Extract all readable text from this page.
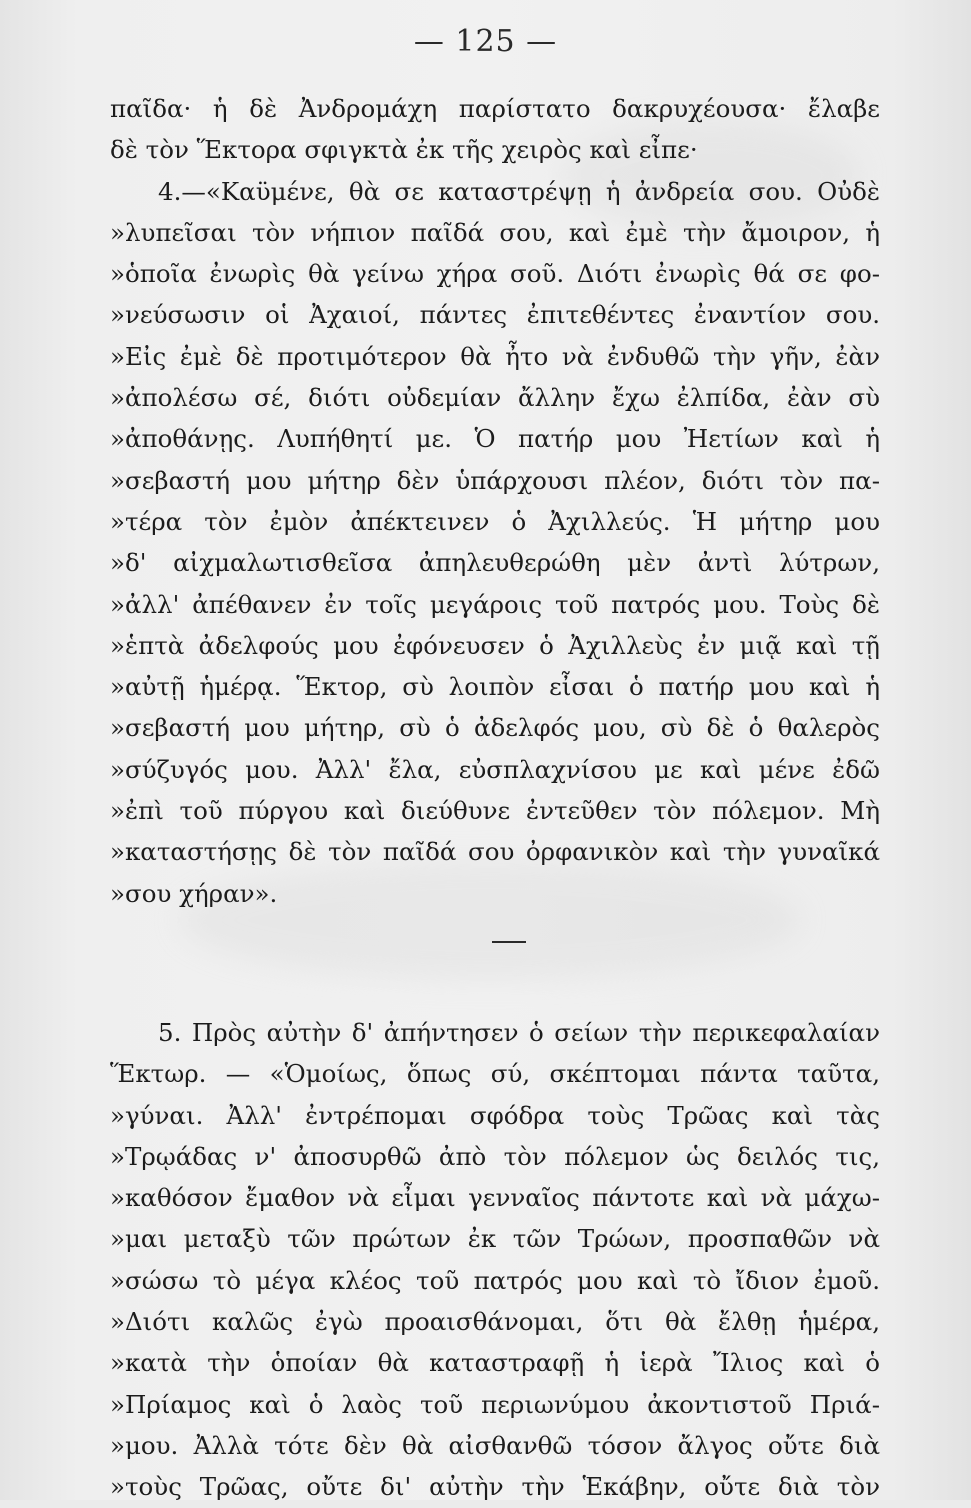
— 125 —
παῖδα· ἡ δὲ Ἀνδρομάχη παρίστατο δακρυχέουσα· ἔλαβε
δὲ τὸν Ἕκτορα σφιγκτὰ ἐκ τῆς χειρὸς καὶ εἶπε·
4.—«Καϋμένε, θὰ σε καταστρέψῃ ἡ ἀνδρεία σου. Οὐδὲ
»λυπεῖσαι τὸν νήπιον παῖδά σου, καὶ ἐμὲ τὴν ἄμοιρον, ἡ
»ὁποῖα ἐνωρὶς θὰ γείνω χήρα σοῦ. Διότι ἐνωρὶς θά σε φο-
»νεύσωσιν οἱ Ἀχαιοί, πάντες ἐπιτεθέντες ἐναντίον σου.
»Εἰς ἐμὲ δὲ προτιμότερον θὰ ἦτο νὰ ἐνδυθῶ τὴν γῆν, ἐὰν
»ἀπολέσω σέ, διότι οὐδεμίαν ἄλλην ἔχω ἐλπίδα, ἐὰν σὺ
»ἀποθάνῃς. Λυπήθητί με. Ὁ πατήρ μου Ἠετίων καὶ ἡ
»σεβαστή μου μήτηρ δὲν ὑπάρχουσι πλέον, διότι τὸν πα-
»τέρα τὸν ἐμὸν ἀπέκτεινεν ὁ Ἀχιλλεύς. Ἡ μήτηρ μου
»δ' αἰχμαλωτισθεῖσα ἀπηλευθερώθη μὲν ἀντὶ λύτρων,
»ἀλλ' ἀπέθανεν ἐν τοῖς μεγάροις τοῦ πατρός μου. Τοὺς δὲ
»ἑπτὰ ἀδελφούς μου ἐφόνευσεν ὁ Ἀχιλλεὺς ἐν μιᾷ καὶ τῇ
»αὐτῇ ἡμέρᾳ. Ἕκτορ, σὺ λοιπὸν εἶσαι ὁ πατήρ μου καὶ ἡ
»σεβαστή μου μήτηρ, σὺ ὁ ἀδελφός μου, σὺ δὲ ὁ θαλερὸς
»σύζυγός μου. Ἀλλ' ἔλα, εὐσπλαχνίσου με καὶ μένε ἐδῶ
»ἐπὶ τοῦ πύργου καὶ διεύθυνε ἐντεῦθεν τὸν πόλεμον. Μὴ
»καταστήσῃς δὲ τὸν παῖδά σου ὀρφανικὸν καὶ τὴν γυναῖκά
»σου χήραν».
5. Πρὸς αὐτὴν δ' ἀπήντησεν ὁ σείων τὴν περικεφαλαίαν
Ἕκτωρ. — «Ὁμοίως, ὅπως σύ, σκέπτομαι πάντα ταῦτα,
»γύναι. Ἀλλ' ἐντρέπομαι σφόδρα τοὺς Τρῶας καὶ τὰς
»Τρῳάδας ν' ἀποσυρθῶ ἀπὸ τὸν πόλεμον ὡς δειλός τις,
»καθόσον ἔμαθον νὰ εἶμαι γενναῖος πάντοτε καὶ νὰ μάχω-
»μαι μεταξὺ τῶν πρώτων ἐκ τῶν Τρώων, προσπαθῶν νὰ
»σώσω τὸ μέγα κλέος τοῦ πατρός μου καὶ τὸ ἴδιον ἐμοῦ.
»Διότι καλῶς ἐγὼ προαισθάνομαι, ὅτι θὰ ἔλθῃ ἡμέρα,
»κατὰ τὴν ὁποίαν θὰ καταστραφῇ ἡ ἱερὰ Ἴλιος καὶ ὁ
»Πρίαμος καὶ ὁ λαὸς τοῦ περιωνύμου ἀκοντιστοῦ Πριά-
»μου. Ἀλλὰ τότε δὲν θὰ αἰσθανθῶ τόσον ἄλγος οὔτε διὰ
»τοὺς Τρῶας, οὔτε δι' αὐτὴν τὴν Ἑκάβην, οὔτε διὰ τὸν
